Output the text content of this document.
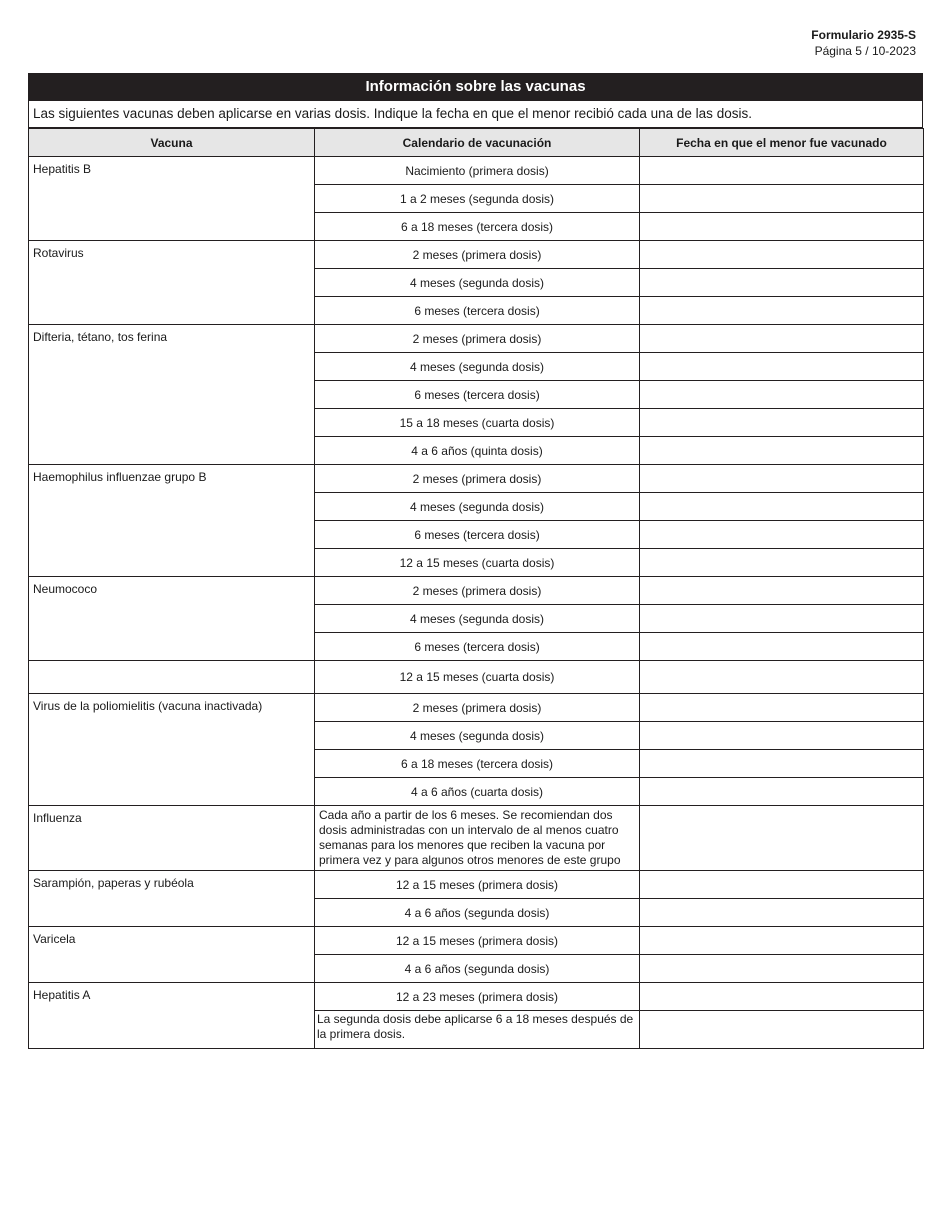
Formulario 2935-S
Página 5 / 10-2023
Información sobre las vacunas
Las siguientes vacunas deben aplicarse en varias dosis. Indique la fecha en que el menor recibió cada una de las dosis.
Vacuna	Calendario de vacunación	Fecha en que el menor fue vacunado
Hepatitis B	Nacimiento (primera dosis)	
	1 a 2 meses (segunda dosis)	
	6 a 18 meses (tercera dosis)	
Rotavirus	2 meses (primera dosis)	
	4 meses (segunda dosis)	
	6 meses (tercera dosis)	
Difteria, tétano, tos ferina	2 meses (primera dosis)	
	4 meses (segunda dosis)	
	6 meses (tercera dosis)	
	15 a 18 meses (cuarta dosis)	
	4 a 6 años (quinta dosis)	
Haemophilus influenzae grupo B	2 meses (primera dosis)	
	4 meses (segunda dosis)	
	6 meses (tercera dosis)	
	12 a 15 meses (cuarta dosis)	
Neumococo	2 meses (primera dosis)	
	4 meses (segunda dosis)	
	6 meses (tercera dosis)	
	12 a 15 meses (cuarta dosis)	
Virus de la poliomielitis (vacuna inactivada)	2 meses (primera dosis)	
	4 meses (segunda dosis)	
	6 a 18 meses (tercera dosis)	
	4 a 6 años (cuarta dosis)	
Influenza	Cada año a partir de los 6 meses. Se recomiendan dos dosis administradas con un intervalo de al menos cuatro semanas para los menores que reciben la vacuna por primera vez y para algunos otros menores de este grupo	
Sarampión, paperas y rubéola	12 a 15 meses (primera dosis)	
	4 a 6 años (segunda dosis)	
Varicela	12 a 15 meses (primera dosis)	
	4 a 6 años (segunda dosis)	
Hepatitis A	12 a 23 meses (primera dosis)	
	La segunda dosis debe aplicarse 6 a 18 meses después de la primera dosis.	
